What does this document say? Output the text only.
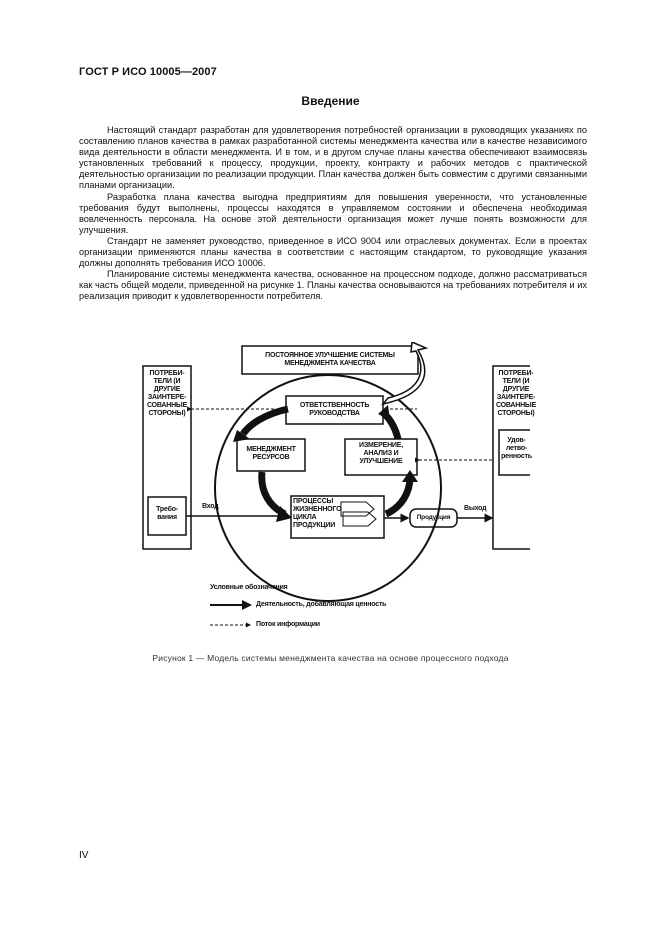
ГОСТ Р ИСО 10005—2007
Введение

Настоящий стандарт разработан для удовлетворения потребностей организации в руководящих указаниях по составлению планов качества в рамках разработанной системы менеджмента качества или в качестве независимого вида деятельности в области менеджмента. И в том, и в другом случае планы качества обеспечивают взаимосвязь установленных требований к процессу, продукции, проекту, контракту и рабочих методов с практической деятельностью организации по реализации продукции. План качества должен быть совместим с другими связанными планами организации.

Разработка плана качества выгодна предприятиям для повышения уверенности, что установленные требования будут выполнены, процессы находятся в управляемом состоянии и обеспечена необходимая вовлеченность персонала. На основе этой деятельности организация может лучше понять возможности для улучшения.

Стандарт не заменяет руководство, приведенное в ИСО 9004 или отраслевых документах. Если в проектах организации применяются планы качества в соответствии с настоящим стандартом, то руководящие указания должны дополнять требования ИСО 10006.

Планирование системы менеджмента качества, основанное на процессном подходе, должно рассматриваться как часть общей модели, приведенной на рисунке 1. Планы качества основываются на требованиях потребителя и их реализация приводит к удовлетворенности потребителя.

ПОСТОЯННОЕ УЛУЧШЕНИЕ СИСТЕМЫ МЕНЕДЖМЕНТА КАЧЕСТВА
ПОТРЕБИ-ТЕЛИ (И ДРУГИЕ ЗАИНТЕРЕ-СОВАННЫЕ СТОРОНЫ)
ПОТРЕБИ-ТЕЛИ (И ДРУГИЕ ЗАИНТЕРЕ-СОВАННЫЕ СТОРОНЫ)
Требо-вания
Удов-летво-ренность
ОТВЕТСТВЕННОСТЬ РУКОВОДСТВА
МЕНЕДЖМЕНТ РЕСУРСОВ
ИЗМЕРЕНИЕ, АНАЛИЗ И УЛУЧШЕНИЕ
ПРОЦЕССЫ ЖИЗНЕННОГО ЦИКЛА ПРОДУКЦИИ
Продукция
Вход	Выход
Условные обозначения
Деятельность, добавляющая ценность
Поток информации
Рисунок 1 — Модель системы менеджмента качества на основе процессного подхода
IV
